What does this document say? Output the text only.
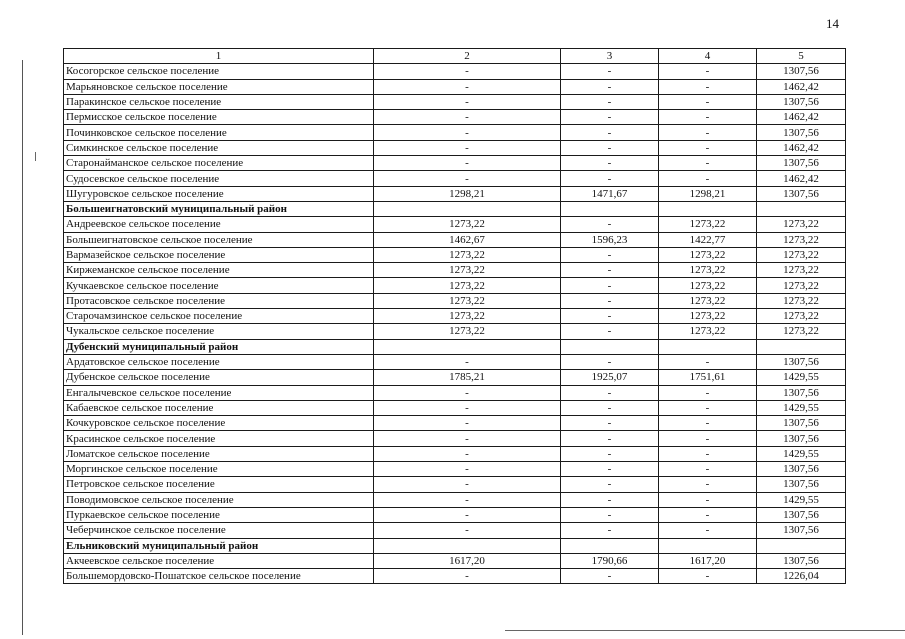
14
1	2	3	4	5
Косогорское сельское поселение	-	-	-	1307,56
Марьяновское сельское поселение	-	-	-	1462,42
Паракинское сельское поселение	-	-	-	1307,56
Пермисское сельское поселение	-	-	-	1462,42
Починковское сельское поселение	-	-	-	1307,56
Симкинское сельское поселение	-	-	-	1462,42
Старонайманское сельское поселение	-	-	-	1307,56
Судосевское сельское поселение	-	-	-	1462,42
Шугуровское сельское поселение	1298,21	1471,67	1298,21	1307,56
Большеигнатовский муниципальный район				
Андреевское сельское поселение	1273,22	-	1273,22	1273,22
Большеигнатовское сельское поселение	1462,67	1596,23	1422,77	1273,22
Вармазейское сельское поселение	1273,22	-	1273,22	1273,22
Киржеманское сельское поселение	1273,22	-	1273,22	1273,22
Кучкаевское сельское поселение	1273,22	-	1273,22	1273,22
Протасовское сельское поселение	1273,22	-	1273,22	1273,22
Старочамзинское сельское поселение	1273,22	-	1273,22	1273,22
Чукальское сельское поселение	1273,22	-	1273,22	1273,22
Дубенский муниципальный район				
Ардатовское сельское поселение	-	-	-	1307,56
Дубенское сельское поселение	1785,21	1925,07	1751,61	1429,55
Енгалычевское сельское поселение	-	-	-	1307,56
Кабаевское сельское поселение	-	-	-	1429,55
Кочкуровское сельское поселение	-	-	-	1307,56
Красинское сельское поселение	-	-	-	1307,56
Ломатское сельское поселение	-	-	-	1429,55
Моргинское сельское поселение	-	-	-	1307,56
Петровское сельское поселение	-	-	-	1307,56
Поводимовское сельское поселение	-	-	-	1429,55
Пуркаевское сельское поселение	-	-	-	1307,56
Чеберчинское сельское поселение	-	-	-	1307,56
Ельниковский муниципальный район				
Акчеевское сельское поселение	1617,20	1790,66	1617,20	1307,56
Большемордовско-Пошатское сельское поселение	-	-	-	1226,04
